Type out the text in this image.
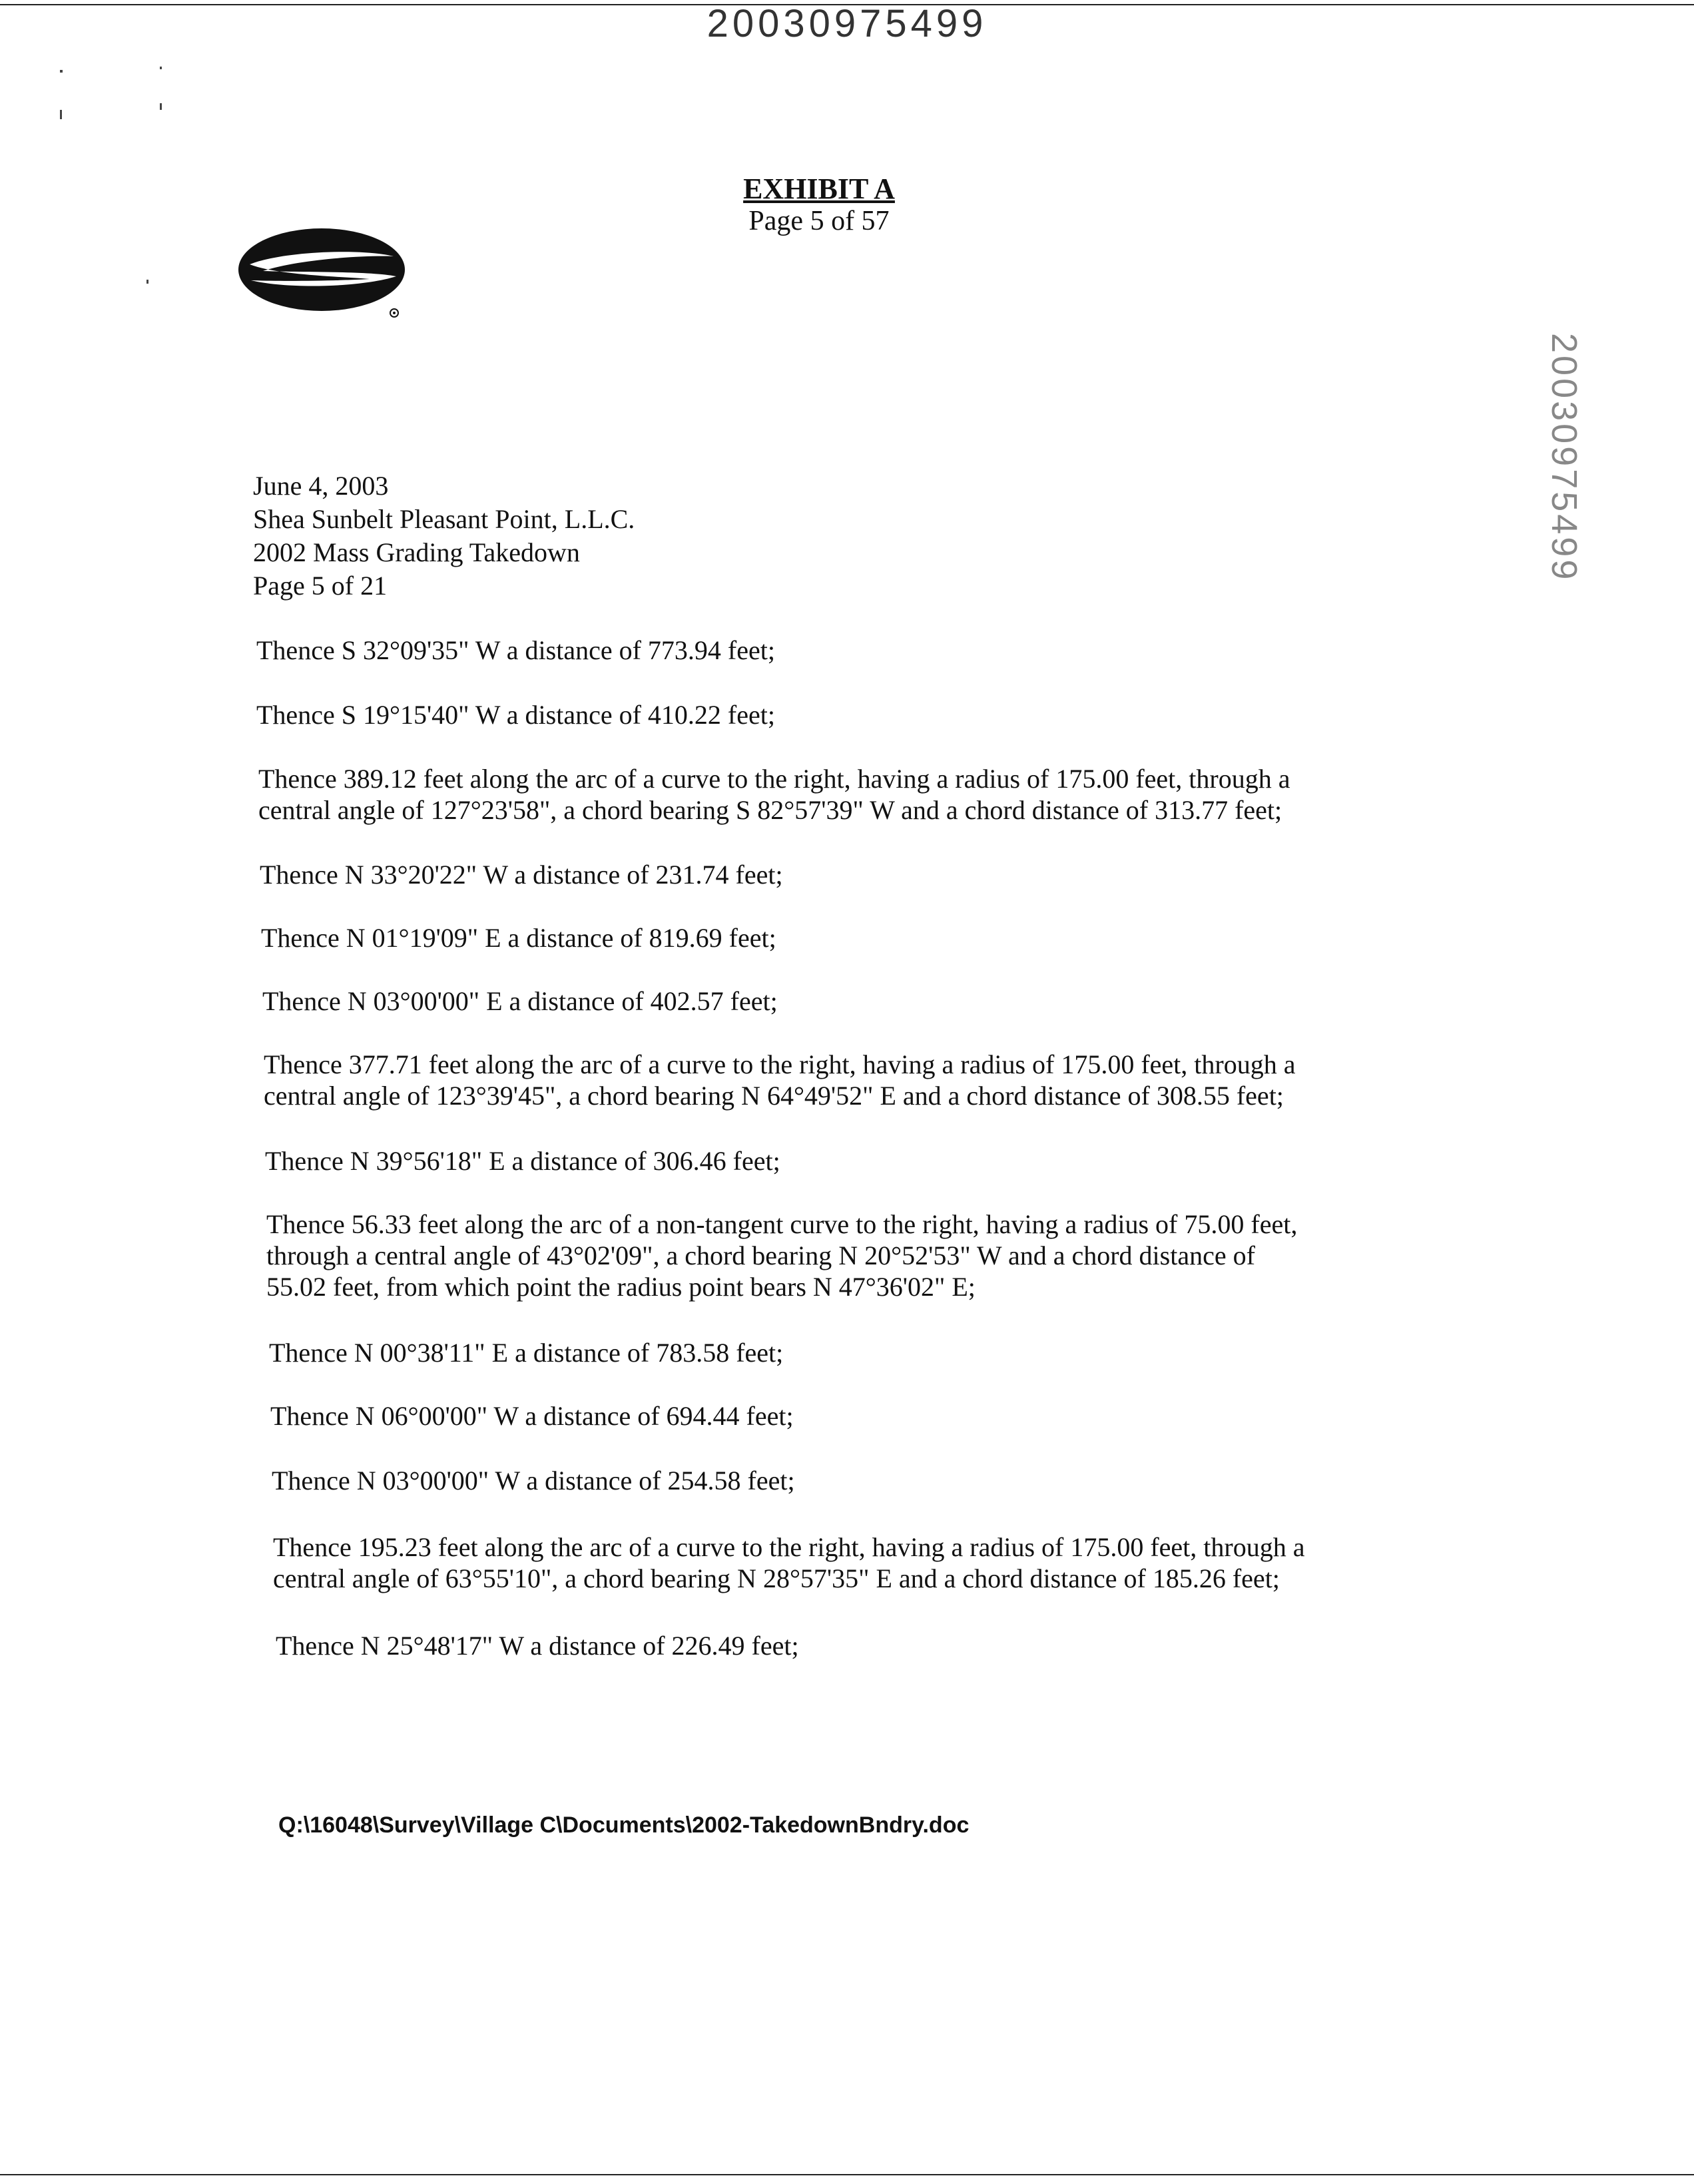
20030975499
20030975499
EXHIBIT A
Page 5 of 57
June 4, 2003
Shea Sunbelt Pleasant Point, L.L.C.
2002 Mass Grading Takedown
Page 5 of 21
Thence S 32°09'35" W a distance of 773.94 feet;
Thence S 19°15'40" W a distance of 410.22 feet;
Thence 389.12 feet along the arc of a curve to the right, having a radius of 175.00 feet, through a
central angle of 127°23'58", a chord bearing S 82°57'39" W and a chord distance of 313.77 feet;
Thence N 33°20'22" W a distance of 231.74 feet;
Thence N 01°19'09" E a distance of 819.69 feet;
Thence N 03°00'00" E a distance of 402.57 feet;
Thence 377.71 feet along the arc of a curve to the right, having a radius of 175.00 feet, through a
central angle of 123°39'45", a chord bearing N 64°49'52" E and a chord distance of 308.55 feet;
Thence N 39°56'18" E a distance of 306.46 feet;
Thence 56.33 feet along the arc of a non-tangent curve to the right, having a radius of 75.00 feet,
through a central angle of 43°02'09", a chord bearing N 20°52'53" W and a chord distance of
55.02 feet, from which point the radius point bears N 47°36'02" E;
Thence N 00°38'11" E a distance of 783.58 feet;
Thence N 06°00'00" W a distance of 694.44 feet;
Thence N 03°00'00" W a distance of 254.58 feet;
Thence 195.23 feet along the arc of a curve to the right, having a radius of 175.00 feet, through a
central angle of 63°55'10", a chord bearing N 28°57'35" E and a chord distance of 185.26 feet;
Thence N 25°48'17" W a distance of 226.49 feet;
Q:\16048\Survey\Village C\Documents\2002-TakedownBndry.doc
